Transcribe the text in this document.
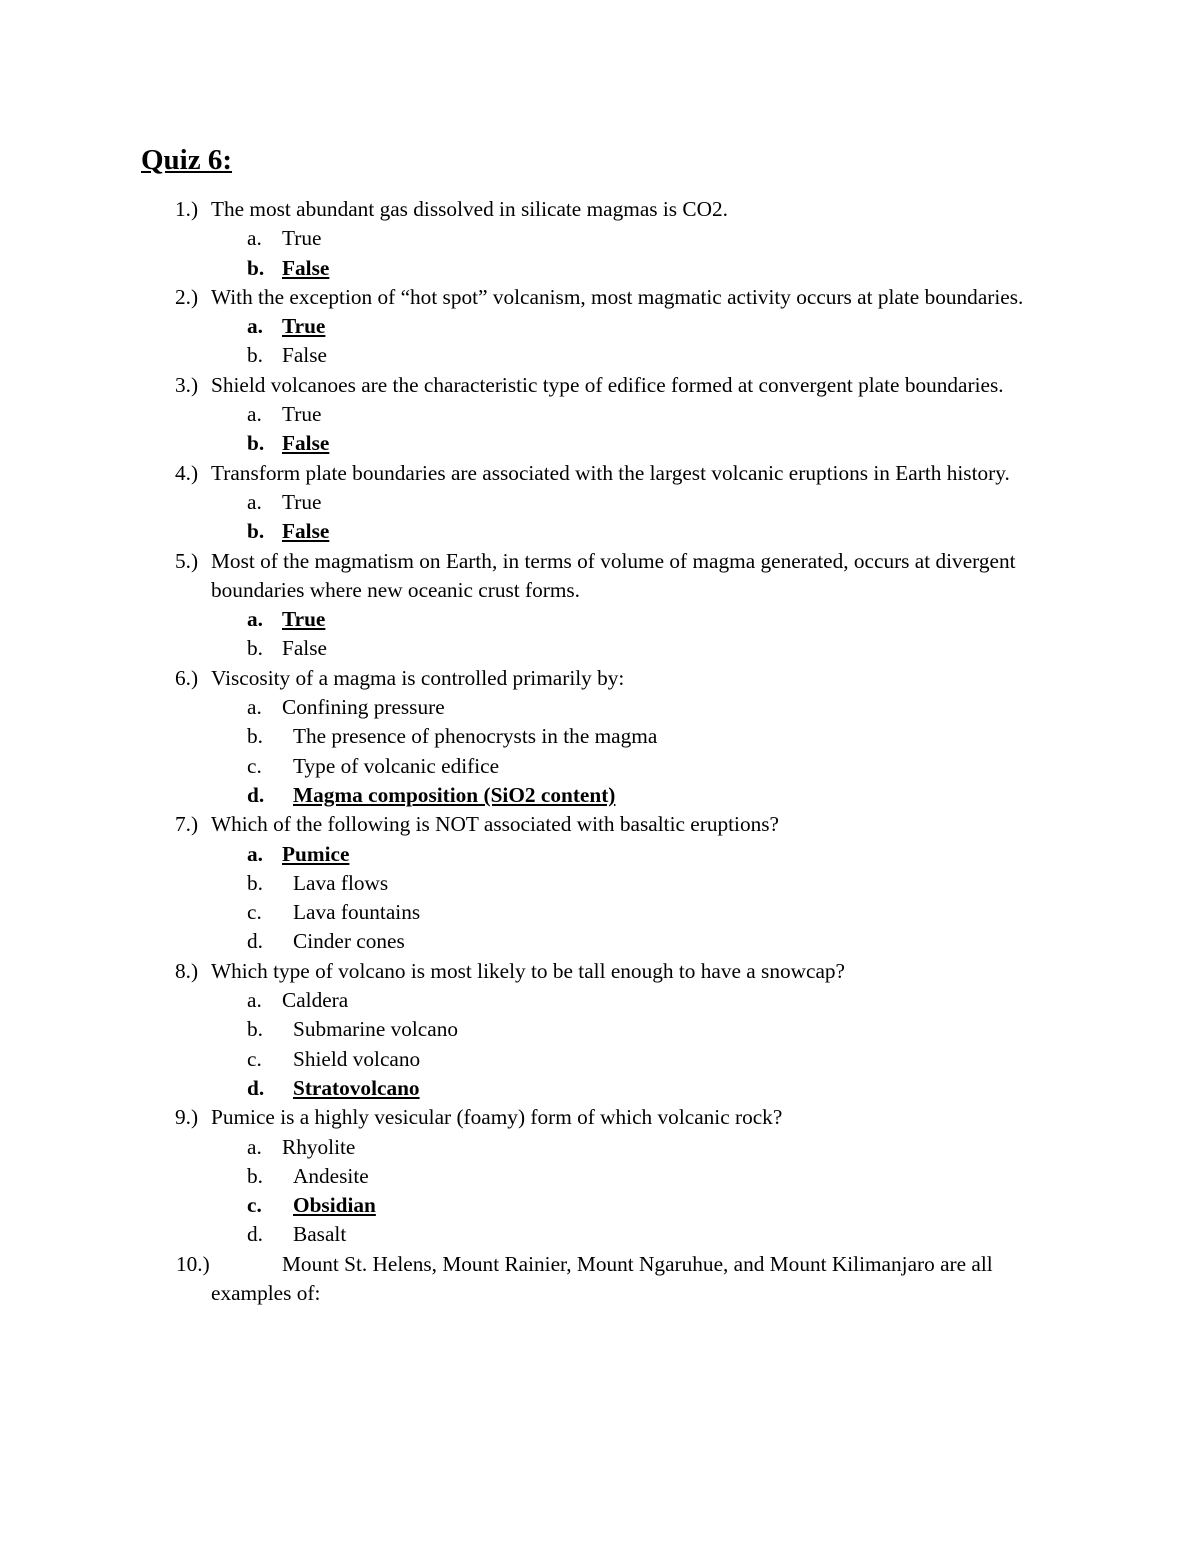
Quiz 6:
1.) The most abundant gas dissolved in silicate magmas is CO2.
a. True
b. False
2.) With the exception of “hot spot” volcanism, most magmatic activity occurs at plate boundaries.
a. True
b. False
3.) Shield volcanoes are the characteristic type of edifice formed at convergent plate boundaries.
a. True
b. False
4.) Transform plate boundaries are associated with the largest volcanic eruptions in Earth history.
a. True
b. False
5.) Most of the magmatism on Earth, in terms of volume of magma generated, occurs at divergent boundaries where new oceanic crust forms.
a. True
b. False
6.) Viscosity of a magma is controlled primarily by:
a. Confining pressure
b. The presence of phenocrysts in the magma
c. Type of volcanic edifice
d. Magma composition (SiO2 content)
7.) Which of the following is NOT associated with basaltic eruptions?
a. Pumice
b. Lava flows
c. Lava fountains
d. Cinder cones
8.) Which type of volcano is most likely to be tall enough to have a snowcap?
a. Caldera
b. Submarine volcano
c. Shield volcano
d. Stratovolcano
9.) Pumice is a highly vesicular (foamy) form of which volcanic rock?
a. Rhyolite
b. Andesite
c. Obsidian
d. Basalt
10.)	Mount St. Helens, Mount Rainier, Mount Ngaruhue, and Mount Kilimanjaro are all examples of:
